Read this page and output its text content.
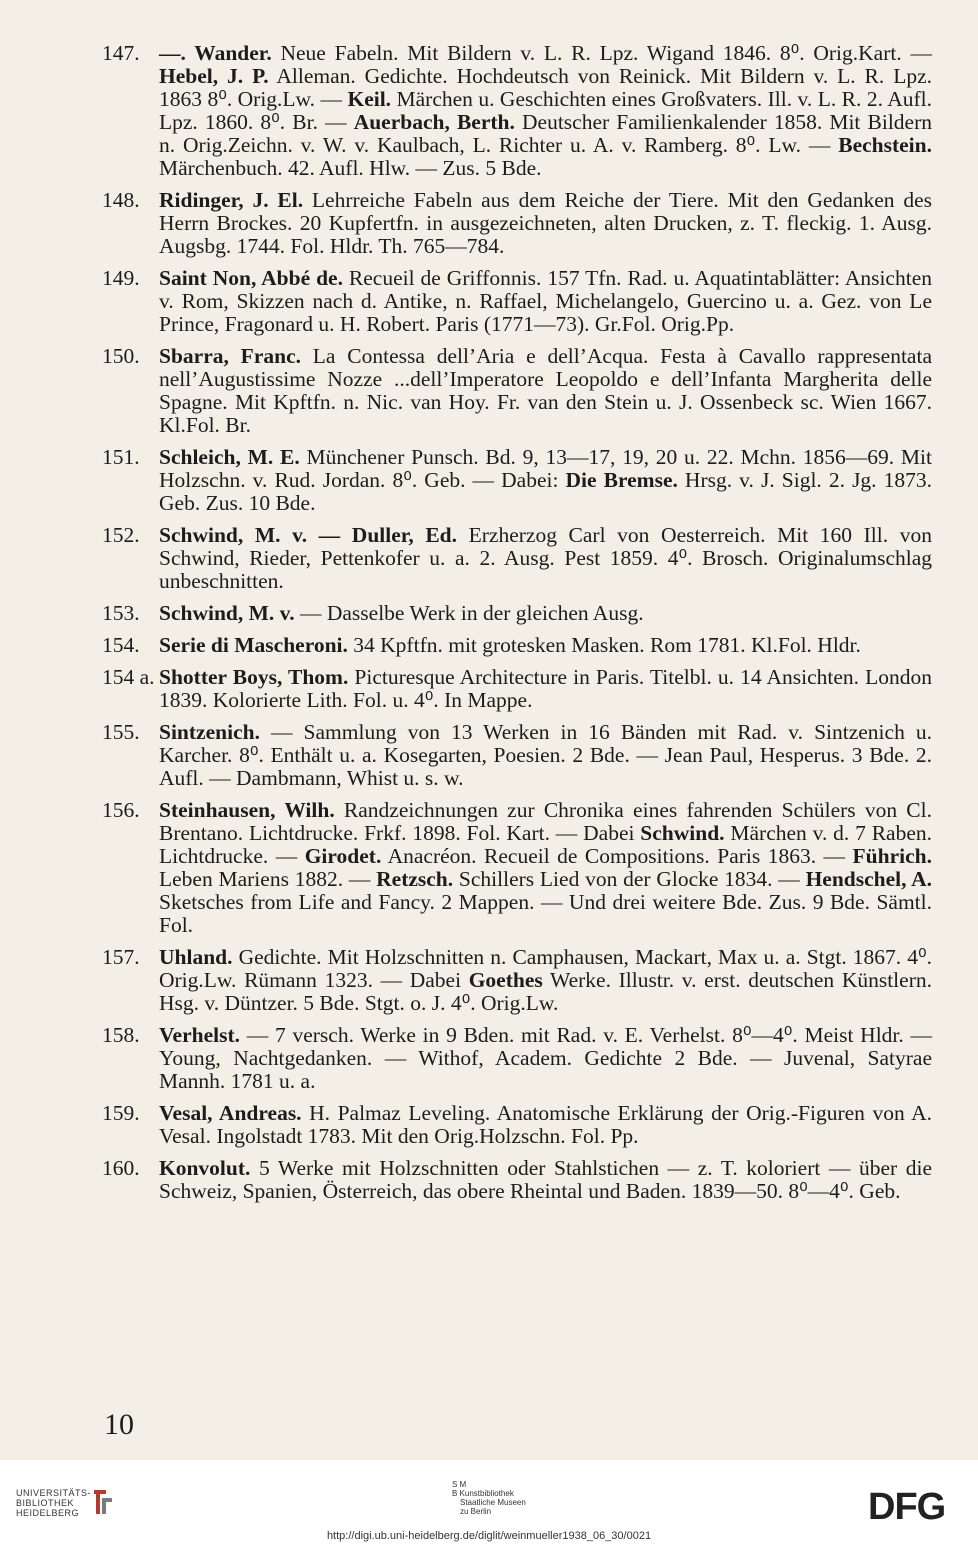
147. —. Wander. Neue Fabeln. Mit Bildern v. L. R. Lpz. Wigand 1846. 8⁰. Orig.Kart. — Hebel, J. P. Alleman. Gedichte. Hochdeutsch von Reinick. Mit Bildern v. L. R. Lpz. 1863 8⁰. Orig.Lw. — Keil. Märchen u. Geschichten eines Großvaters. Ill. v. L. R. 2. Aufl. Lpz. 1860. 8⁰. Br. — Auerbach, Berth. Deutscher Familienkalender 1858. Mit Bildern n. Orig.Zeichn. v. W. v. Kaulbach, L. Richter u. A. v. Ramberg. 8⁰. Lw. — Bechstein. Märchenbuch. 42. Aufl. Hlw. — Zus. 5 Bde.
148. Ridinger, J. El. Lehrreiche Fabeln aus dem Reiche der Tiere. Mit den Gedanken des Herrn Brockes. 20 Kupfertfn. in ausgezeichneten, alten Drucken, z. T. fleckig. 1. Ausg. Augsbg. 1744. Fol. Hldr. Th. 765—784.
149. Saint Non, Abbé de. Recueil de Griffonnis. 157 Tfn. Rad. u. Aquatintablätter: Ansichten v. Rom, Skizzen nach d. Antike, n. Raffael, Michelangelo, Guercino u. a. Gez. von Le Prince, Fragonard u. H. Robert. Paris (1771—73). Gr.Fol. Orig.Pp.
150. Sbarra, Franc. La Contessa dell’Aria e dell’Acqua. Festa à Cavallo rappresentata nell’Augustissime Nozze ...dell’Imperatore Leopoldo e dell’Infanta Margherita delle Spagne. Mit Kpftfn. n. Nic. van Hoy. Fr. van den Stein u. J. Ossenbeck sc. Wien 1667. Kl.Fol. Br.
151. Schleich, M. E. Münchener Punsch. Bd. 9, 13—17, 19, 20 u. 22. Mchn. 1856—69. Mit Holzschn. v. Rud. Jordan. 8⁰. Geb. — Dabei: Die Bremse. Hrsg. v. J. Sigl. 2. Jg. 1873. Geb. Zus. 10 Bde.
152. Schwind, M. v. — Duller, Ed. Erzherzog Carl von Oesterreich. Mit 160 Ill. von Schwind, Rieder, Pettenkofer u. a. 2. Ausg. Pest 1859. 4⁰. Brosch. Originalumschlag unbeschnitten.
153. Schwind, M. v. — Dasselbe Werk in der gleichen Ausg.
154. Serie di Mascheroni. 34 Kpftfn. mit grotesken Masken. Rom 1781. Kl.Fol. Hldr.
154 a. Shotter Boys, Thom. Picturesque Architecture in Paris. Titelbl. u. 14 Ansichten. London 1839. Kolorierte Lith. Fol. u. 4⁰. In Mappe.
155. Sintzenich. — Sammlung von 13 Werken in 16 Bänden mit Rad. v. Sintzenich u. Karcher. 8⁰. Enthält u. a. Kosegarten, Poesien. 2 Bde. — Jean Paul, Hesperus. 3 Bde. 2. Aufl. — Dambmann, Whist u. s. w.
156. Steinhausen, Wilh. Randzeichnungen zur Chronika eines fahrenden Schülers von Cl. Brentano. Lichtdrucke. Frkf. 1898. Fol. Kart. — Dabei Schwind. Märchen v. d. 7 Raben. Lichtdrucke. — Girodet. Anacréon. Recueil de Compositions. Paris 1863. — Führich. Leben Mariens 1882. — Retzsch. Schillers Lied von der Glocke 1834. — Hendschel, A. Sketsches from Life and Fancy. 2 Mappen. — Und drei weitere Bde. Zus. 9 Bde. Sämtl. Fol.
157. Uhland. Gedichte. Mit Holzschnitten n. Camphausen, Mackart, Max u. a. Stgt. 1867. 4⁰. Orig.Lw. Rümann 1323. — Dabei Goethes Werke. Illustr. v. erst. deutschen Künstlern. Hsg. v. Düntzer. 5 Bde. Stgt. o. J. 4⁰. Orig.Lw.
158. Verhelst. — 7 versch. Werke in 9 Bden. mit Rad. v. E. Verhelst. 8⁰—4⁰. Meist Hldr. — Young, Nachtgedanken. — Withof, Academ. Gedichte 2 Bde. — Juvenal, Satyrae Mannh. 1781 u. a.
159. Vesal, Andreas. H. Palmaz Leveling. Anatomische Erklärung der Orig.-Figuren von A. Vesal. Ingolstadt 1783. Mit den Orig.Holzschn. Fol. Pp.
160. Konvolut. 5 Werke mit Holzschnitten oder Stahlstichen — z. T. koloriert — über die Schweiz, Spanien, Österreich, das obere Rheintal und Baden. 1839—50. 8⁰—4⁰. Geb.
10
UNIVERSITÄTS-
BIBLIOTHEK
HEIDELBERG
S M
B Kunstbibliothek
Staatliche Museen
zu Berlin	DFG
http://digi.ub.uni-heidelberg.de/diglit/weinmueller1938_06_30/0021
